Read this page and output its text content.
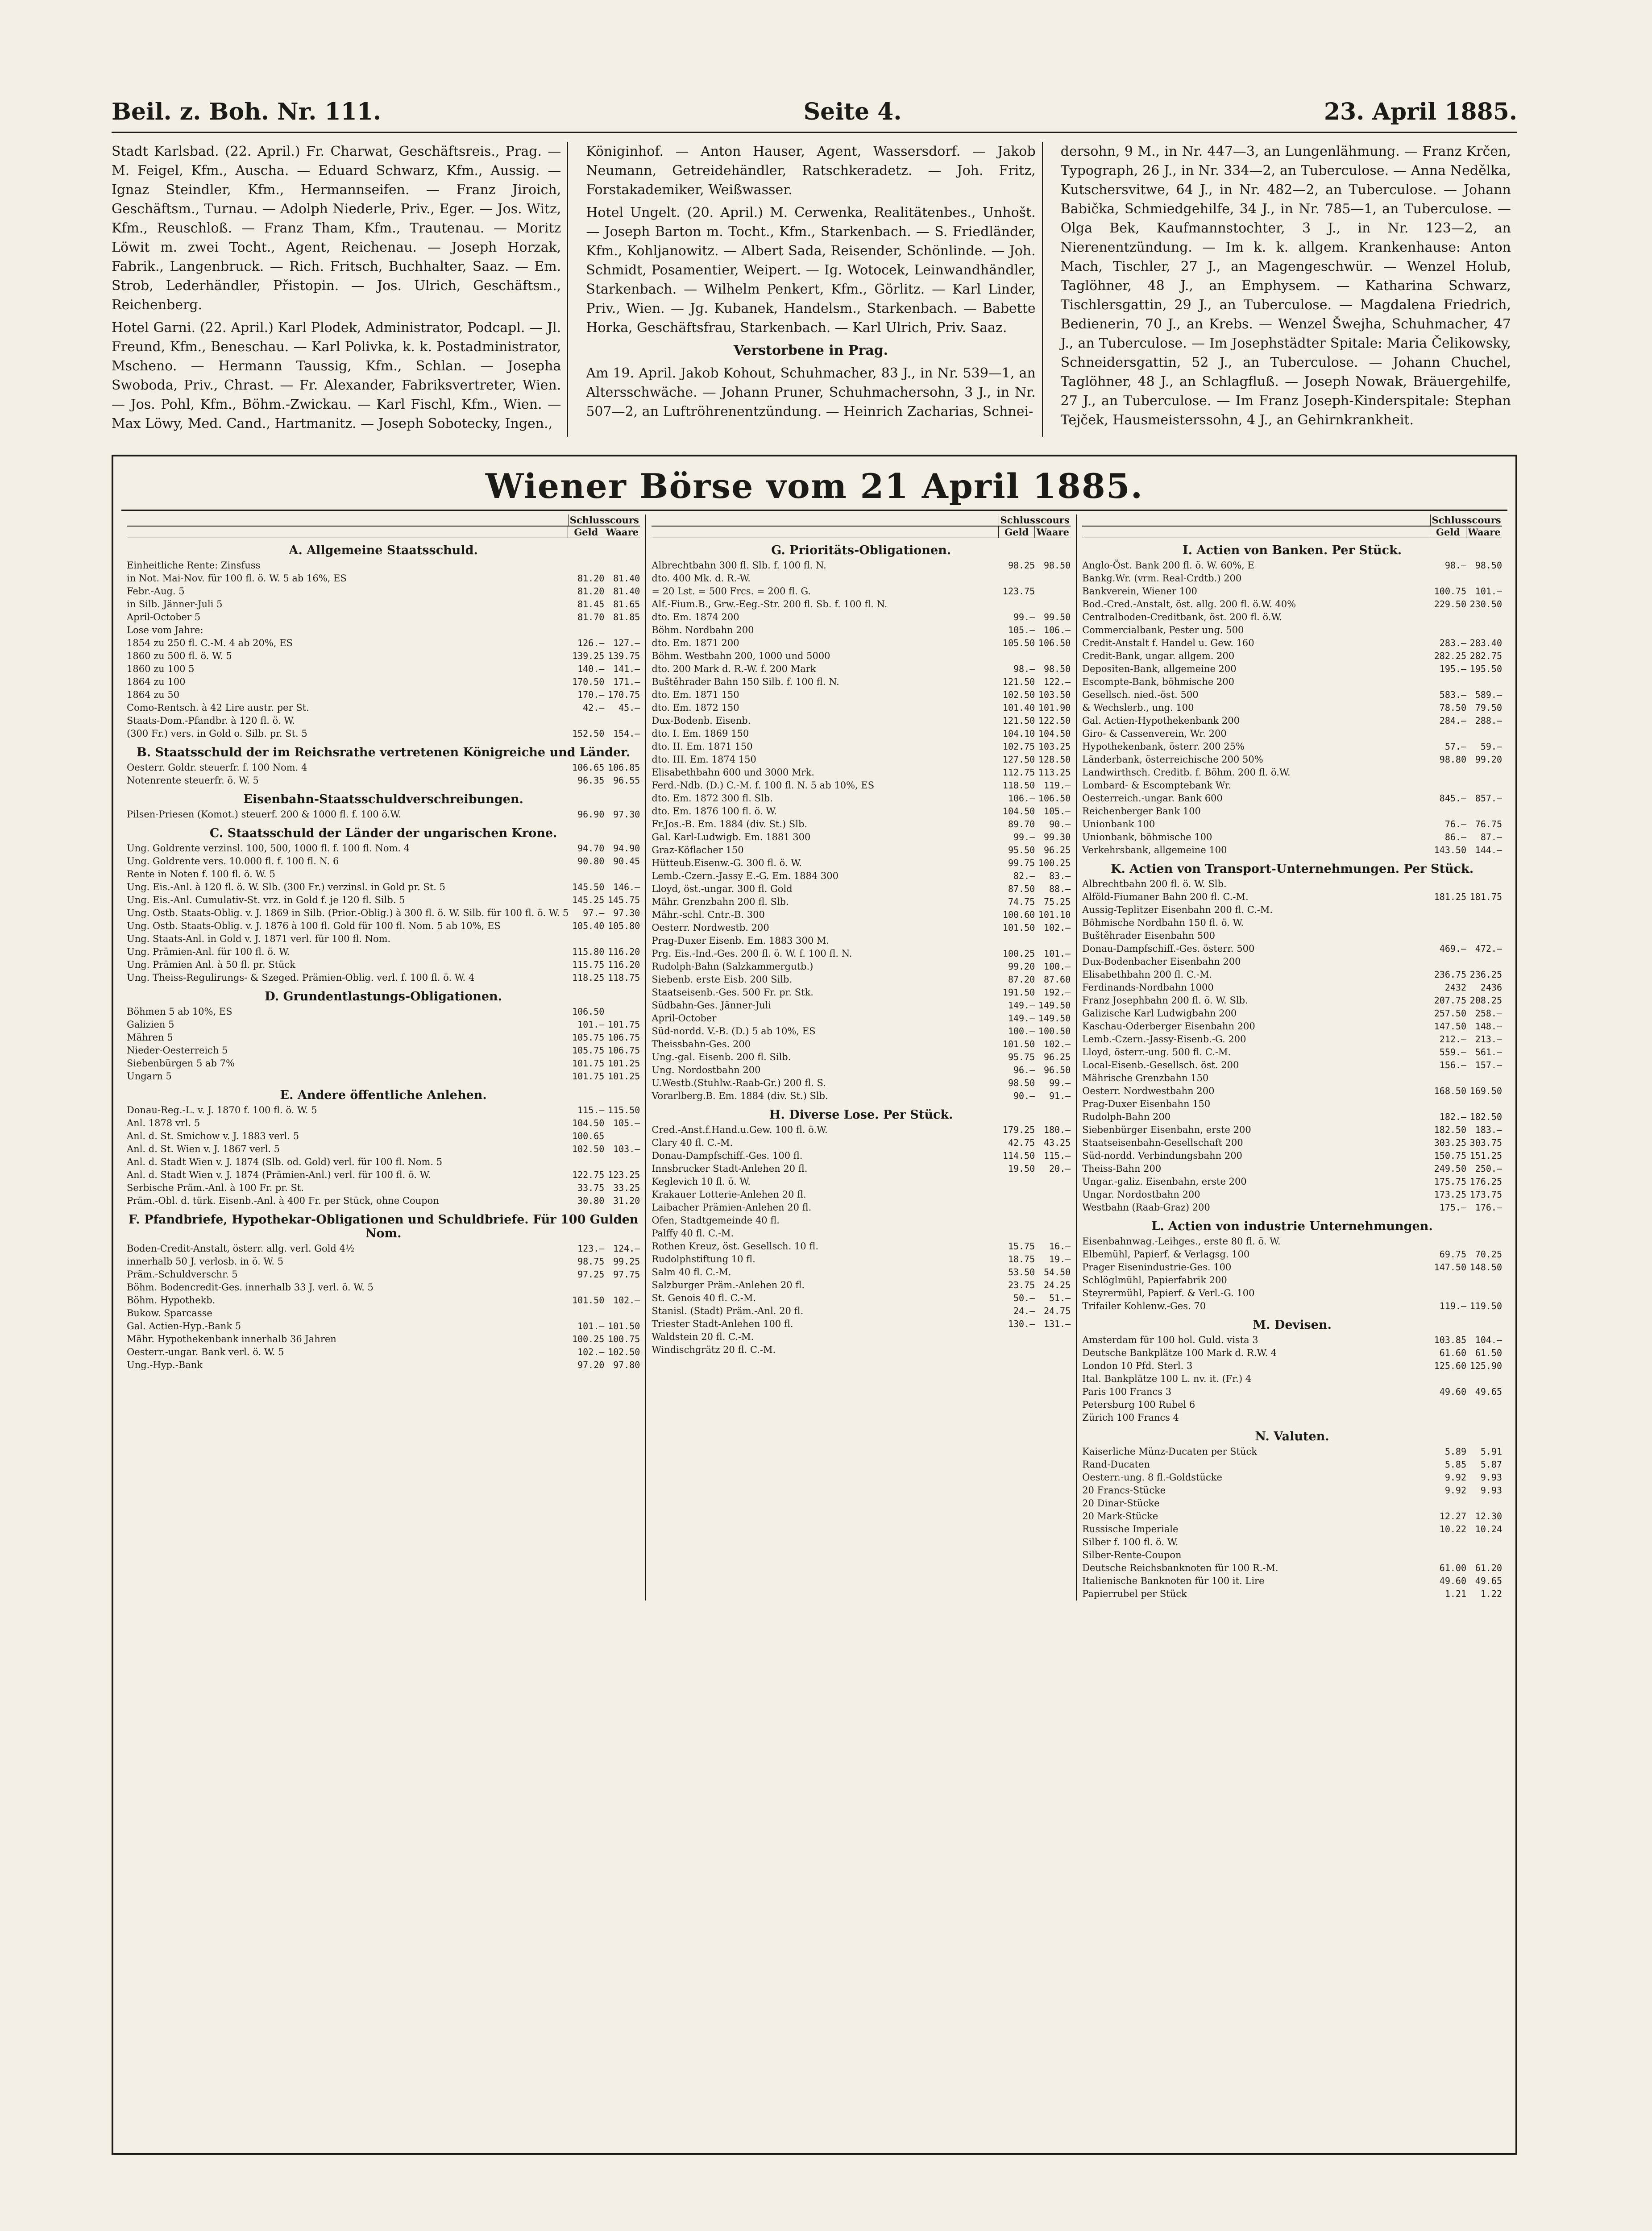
Beil. z. Boh. Nr. 111.	Seite 4.	23. April 1885.

Stadt Karlsbad. (22. April.) Fr. Charwat, Geschäftsreis., Prag. — M. Feigel, Kfm., Auscha. — Eduard Schwarz, Kfm., Aussig. — Ignaz Steindler, Kfm., Hermannseifen. — Franz Jiroich, Geschäftsm., Turnau. — Adolph Niederle, Priv., Eger. — Jos. Witz, Kfm., Reuschloß. — Franz Tham, Kfm., Trautenau. — Moritz Löwit m. zwei Tocht., Agent, Reichenau. — Joseph Horzak, Fabrik., Langenbruck. — Rich. Fritsch, Buchhalter, Saaz. — Em. Strob, Lederhändler, Přistopin. — Jos. Ulrich, Geschäftsm., Reichenberg.

Hotel Garni. (22. April.) Karl Plodek, Administrator, Podcapl. — Jl. Freund, Kfm., Beneschau. — Karl Polivka, k. k. Postadministrator, Mscheno. — Hermann Taussig, Kfm., Schlan. — Josepha Swoboda, Priv., Chrast. — Fr. Alexander, Fabriksvertreter, Wien. — Jos. Pohl, Kfm., Böhm.-Zwickau. — Karl Fischl, Kfm., Wien. — Max Löwy, Med. Cand., Hartmanitz. — Joseph Sobotecky, Ingen.,

Königinhof. — Anton Hauser, Agent, Wassersdorf. — Jakob Neumann, Getreidehändler, Ratschkeradetz. — Joh. Fritz, Forstakademiker, Weißwasser.

Hotel Ungelt. (20. April.) M. Cerwenka, Realitätenbes., Unhošt. — Joseph Barton m. Tocht., Kfm., Starkenbach. — S. Friedländer, Kfm., Kohljanowitz. — Albert Sada, Reisender, Schönlinde. — Joh. Schmidt, Posamentier, Weipert. — Ig. Wotocek, Leinwandhändler, Starkenbach. — Wilhelm Penkert, Kfm., Görlitz. — Karl Linder, Priv., Wien. — Jg. Kubanek, Handelsm., Starkenbach. — Babette Horka, Geschäftsfrau, Starkenbach. — Karl Ulrich, Priv. Saaz.

Verstorbene in Prag.

Am 19. April. Jakob Kohout, Schuhmacher, 83 J., in Nr. 539—1, an Altersschwäche. — Johann Pruner, Schuhmachersohn, 3 J., in Nr. 507—2, an Luftröhrenentzündung. — Heinrich Zacharias, Schnei-

dersohn, 9 M., in Nr. 447—3, an Lungenlähmung. — Franz Krčen, Typograph, 26 J., in Nr. 334—2, an Tuberculose. — Anna Nedělka, Kutschersvitwe, 64 J., in Nr. 482—2, an Tuberculose. — Johann Babička, Schmiedgehilfe, 34 J., in Nr. 785—1, an Tuberculose. — Olga Bek, Kaufmannstochter, 3 J., in Nr. 123—2, an Nierenentzündung. — Im k. k. allgem. Krankenhause: Anton Mach, Tischler, 27 J., an Magengeschwür. — Wenzel Holub, Taglöhner, 48 J., an Emphysem. — Katharina Schwarz, Tischlersgattin, 29 J., an Tuberculose. — Magdalena Friedrich, Bedienerin, 70 J., an Krebs. — Wenzel Šwejha, Schuhmacher, 47 J., an Tuberculose. — Im Josephstädter Spitale: Maria Čelikowsky, Schneidersgattin, 52 J., an Tuberculose. — Johann Chuchel, Taglöhner, 48 J., an Schlagfluß. — Joseph Nowak, Bräuergehilfe, 27 J., an Tuberculose. — Im Franz Joseph-Kinderspitale: Stephan Tejček, Hausmeisterssohn, 4 J., an Gehirnkrankheit.

Wiener Börse vom 21 April 1885.
Schlusscours
Geld Waare
A. Allgemeine Staatsschuld.
Einheitliche Rente: Zinsfuss
in Not. Mai-Nov. für 100 fl. ö. W. 5 ab 16%, ES	81.20 81.40
Febr.-Aug. 5	81.20 81.40
in Silb. Jänner-Juli 5	81.45 81.65
April-October 5	81.70 81.85
Lose vom Jahre:
1854 zu 250 fl. C.-M. 4 ab 20%, ES	126.— 127.—
1860 zu 500 fl. ö. W. 5	139.25 139.75
1860 zu 100 5	140.— 141.—
1864 zu 100	170.50 171.—
1864 zu 50	170.— 170.75
Como-Rentsch. à 42 Lire austr. per St.	42.—	45.—
Staats-Dom.-Pfandbr. à 120 fl. ö. W.
(300 Fr.) vers. in Gold o. Silb. pr. St. 5	152.50 154.—
B. Staatsschuld der im Reichsrathe vertretenen Königreiche und Länder.
Oesterr. Goldr. steuerfr. f. 100 Nom. 4	106.65 106.85
Notenrente steuerfr. ö. W. 5	96.35 96.55
Eisenbahn-Staatsschuldverschreibungen.
Pilsen-Priesen (Komot.) steuerf. 200 & 1000 fl. f. 100 ö.W.	96.90 97.30
C. Staatsschuld der Länder der ungarischen Krone.
Ung. Goldrente verzinsl. 100, 500, 1000 fl. f. 100 fl. Nom. 4	94.70 94.90
Ung. Goldrente vers. 10.000 fl. f. 100 fl. N. 6	90.80 90.45
Rente in Noten f. 100 fl. ö. W. 5
Ung. Eis.-Anl. à 120 fl. ö. W. Slb. (300 Fr.) verzinsl. in Gold pr. St. 5	145.50 146.—
Ung. Eis.-Anl. Cumulativ-St. vrz. in Gold f. je 120 fl. Silb. 5	145.25 145.75
Ung. Ostb. Staats-Oblig. v. J. 1869 in Silb. (Prior.-Oblig.) à 300 fl. ö. W. Silb. für 100 fl. ö. W. 5	97.— 97.30
Ung. Ostb. Staats-Oblig. v. J. 1876 à 100 fl. Gold für 100 fl. Nom. 5 ab 10%, ES	105.40 105.80
Ung. Staats-Anl. in Gold v. J. 1871 verl. für 100 fl. Nom.
Ung. Prämien-Anl. für 100 fl. ö. W.	115.80 116.20
Ung. Prämien Anl. à 50 fl. pr. Stück	115.75 116.20
Ung. Theiss-Regulirungs- & Szeged. Prämien-Oblig. verl. f. 100 fl. ö. W. 4	118.25 118.75
D. Grundentlastungs-Obligationen.
Böhmen 5 ab 10%, ES	106.50
Galizien 5	101.— 101.75
Mähren 5	105.75 106.75
Nieder-Oesterreich 5	105.75 106.75
Siebenbürgen 5 ab 7%	101.75 101.25
Ungarn 5	101.75 101.25
E. Andere öffentliche Anlehen.
Donau-Reg.-L. v. J. 1870 f. 100 fl. ö. W. 5	115.— 115.50
Anl. 1878 vrl. 5	104.50 105.—
Anl. d. St. Smichow v. J. 1883 verl. 5	100.65
Anl. d. St. Wien v. J. 1867 verl. 5	102.50 103.—
Anl. d. Stadt Wien v. J. 1874 (Slb. od. Gold) verl. für 100 fl. Nom. 5
Anl. d. Stadt Wien v. J. 1874 (Prämien-Anl.) verl. für 100 fl. ö. W.	122.75 123.25
Serbische Präm.-Anl. à 100 Fr. pr. St.	33.75 33.25
Präm.-Obl. d. türk. Eisenb.-Anl. à 400 Fr. per Stück, ohne Coupon	30.80 31.20
F. Pfandbriefe, Hypothekar-Obligationen und Schuldbriefe. Für 100 Gulden Nom.
Boden-Credit-Anstalt, österr. allg. verl. Gold 4½	123.— 124.—
innerhalb 50 J. verlosb. in ö. W. 5	98.75 99.25
Präm.-Schuldverschr. 5	97.25 97.75
Böhm. Bodencredit-Ges. innerhalb 33 J. verl. ö. W. 5
Böhm. Hypothekb.	101.50 102.—
Bukow. Sparcasse
Gal. Actien-Hyp.-Bank 5	101.— 101.50
Mähr. Hypothekenbank innerhalb 36 Jahren	100.25 100.75
Oesterr.-ungar. Bank verl. ö. W. 5	102.— 102.50
Ung.-Hyp.-Bank	97.20 97.80
Schlusscours
Geld Waare
G. Prioritäts-Obligationen.
Albrechtbahn 300 fl. Slb. f. 100 fl. N.	98.25 98.50
dto. 400 Mk. d. R.-W.
= 20 Lst. = 500 Frcs. = 200 fl. G.	123.75
Alf.-Fium.B., Grw.-Eeg.-Str. 200 fl. Sb. f. 100 fl. N.
dto. Em. 1874 200	99.— 99.50
Böhm. Nordbahn 200	105.— 106.—
dto. Em. 1871 200	105.50 106.50
Böhm. Westbahn 200, 1000 und 5000
dto. 200 Mark d. R.-W. f. 200 Mark	98.— 98.50
Buštěhrader Bahn 150 Silb. f. 100 fl. N.	121.50 122.—
dto. Em. 1871 150	102.50 103.50
dto. Em. 1872 150	101.40 101.90
Dux-Bodenb. Eisenb.	121.50 122.50
dto. I. Em. 1869 150	104.10 104.50
dto. II. Em. 1871 150	102.75 103.25
dto. III. Em. 1874 150	127.50 128.50
Elisabethbahn 600 und 3000 Mrk.	112.75 113.25
Ferd.-Ndb. (D.) C.-M. f. 100 fl. N. 5 ab 10%, ES	118.50 119.—
dto. Em. 1872 300 fl. Slb.	106.— 106.50
dto. Em. 1876 100 fl. ö. W.	104.50 105.—
Fr.Jos.-B. Em. 1884 (div. St.) Slb.	89.70	90.—
Gal. Karl-Ludwigb. Em. 1881 300	99.— 99.30
Graz-Köflacher 150	95.50 96.25
Hütteub.Eisenw.-G. 300 fl. ö. W.	99.75 100.25
Lemb.-Czern.-Jassy E.-G. Em. 1884 300	82.—	83.—
Lloyd, öst.-ungar. 300 fl. Gold	87.50	88.—
Mähr. Grenzbahn 200 fl. Slb.	74.75 75.25
Mähr.-schl. Cntr.-B. 300	100.60 101.10
Oesterr. Nordwestb. 200	101.50 102.—
Prag-Duxer Eisenb. Em. 1883 300 M.
Prg. Eis.-Ind.-Ges. 200 fl. ö. W. f. 100 fl. N.	100.25 101.—
Rudolph-Bahn (Salzkammergutb.)	99.20 100.—
Siebenb. erste Eisb. 200 Silb.	87.20 87.60
Staatseisenb.-Ges. 500 Fr. pr. Stk.	191.50 192.—
Südbahn-Ges. Jänner-Juli	149.— 149.50
April-October	149.— 149.50
Süd-nordd. V.-B. (D.) 5 ab 10%, ES	100.— 100.50
Theissbahn-Ges. 200	101.50 102.—
Ung.-gal. Eisenb. 200 fl. Silb.	95.75 96.25
Ung. Nordostbahn 200	96.— 96.50
U.Westb.(Stuhlw.-Raab-Gr.) 200 fl. S.	98.50	99.—
Vorarlberg.B. Em. 1884 (div. St.) Slb.	90.—	91.—
H. Diverse Lose. Per Stück.
Cred.-Anst.f.Hand.u.Gew. 100 fl. ö.W.	179.25 180.—
Clary 40 fl. C.-M.	42.75 43.25
Donau-Dampfschiff.-Ges. 100 fl.	114.50 115.—
Innsbrucker Stadt-Anlehen 20 fl.	19.50	20.—
Keglevich 10 fl. ö. W.
Krakauer Lotterie-Anlehen 20 fl.
Laibacher Prämien-Anlehen 20 fl.
Ofen, Stadtgemeinde 40 fl.
Palffy 40 fl. C.-M.
Rothen Kreuz, öst. Gesellsch. 10 fl.	15.75	16.—
Rudolphstiftung 10 fl.	18.75	19.—
Salm 40 fl. C.-M.	53.50 54.50
Salzburger Präm.-Anlehen 20 fl.	23.75 24.25
St. Genois 40 fl. C.-M.	50.—	51.—
Stanisl. (Stadt) Präm.-Anl. 20 fl.	24.— 24.75
Triester Stadt-Anlehen 100 fl.	130.— 131.—
Waldstein 20 fl. C.-M.
Windischgrätz 20 fl. C.-M.
Schlusscours
Geld Waare
I. Actien von Banken. Per Stück.
Anglo-Öst. Bank 200 fl. ö. W. 60%, E	98.— 98.50
Bankg.Wr. (vrm. Real-Crdtb.) 200
Bankverein, Wiener 100	100.75 101.—
Bod.-Cred.-Anstalt, öst. allg. 200 fl. ö.W. 40%	229.50 230.50
Centralboden-Creditbank, öst. 200 fl. ö.W.
Commercialbank, Pester ung. 500
Credit-Anstalt f. Handel u. Gew. 160	283.— 283.40
Credit-Bank, ungar. allgem. 200	282.25 282.75
Depositen-Bank, allgemeine 200	195.— 195.50
Escompte-Bank, böhmische 200
Gesellsch. nied.-öst. 500	583.— 589.—
& Wechslerb., ung. 100	78.50 79.50
Gal. Actien-Hypothekenbank 200	284.— 288.—
Giro- & Cassenverein, Wr. 200
Hypothekenbank, österr. 200 25%	57.—	59.—
Länderbank, österreichische 200 50%	98.80 99.20
Landwirthsch. Creditb. f. Böhm. 200 fl. ö.W.
Lombard- & Escomptebank Wr.
Oesterreich.-ungar. Bank 600	845.— 857.—
Reichenberger Bank 100
Unionbank 100	76.— 76.75
Unionbank, böhmische 100	86.—	87.—
Verkehrsbank, allgemeine 100	143.50 144.—
K. Actien von Transport-Unternehmungen. Per Stück.
Albrechtbahn 200 fl. ö. W. Slb.
Alföld-Fiumaner Bahn 200 fl. C.-M.	181.25 181.75
Aussig-Teplitzer Eisenbahn 200 fl. C.-M.
Böhmische Nordbahn 150 fl. ö. W.
Buštěhrader Eisenbahn 500
Donau-Dampfschiff.-Ges. österr. 500	469.— 472.—
Dux-Bodenbacher Eisenbahn 200
Elisabethbahn 200 fl. C.-M.	236.75 236.25
Ferdinands-Nordbahn 1000	2432	2436
Franz Josephbahn 200 fl. ö. W. Slb.	207.75 208.25
Galizische Karl Ludwigbahn 200	257.50 258.—
Kaschau-Oderberger Eisenbahn 200	147.50 148.—
Lemb.-Czern.-Jassy-Eisenb.-G. 200	212.— 213.—
Lloyd, österr.-ung. 500 fl. C.-M.	559.— 561.—
Local-Eisenb.-Gesellsch. öst. 200	156.— 157.—
Mährische Grenzbahn 150
Oesterr. Nordwestbahn 200	168.50 169.50
Prag-Duxer Eisenbahn 150
Rudolph-Bahn 200	182.— 182.50
Siebenbürger Eisenbahn, erste 200	182.50 183.—
Staatseisenbahn-Gesellschaft 200	303.25 303.75
Süd-nordd. Verbindungsbahn 200	150.75 151.25
Theiss-Bahn 200	249.50 250.—
Ungar.-galiz. Eisenbahn, erste 200	175.75 176.25
Ungar. Nordostbahn 200	173.25 173.75
Westbahn (Raab-Graz) 200	175.— 176.—
L. Actien von industrie Unternehmungen.
Eisenbahnwag.-Leihges., erste 80 fl. ö. W.
Elbemühl, Papierf. & Verlagsg. 100	69.75 70.25
Prager Eisenindustrie-Ges. 100	147.50 148.50
Schlöglmühl, Papierfabrik 200
Steyrermühl, Papierf. & Verl.-G. 100
Trifailer Kohlenw.-Ges. 70	119.— 119.50
M. Devisen.
Amsterdam für 100 hol. Guld. vista 3	103.85 104.—
Deutsche Bankplätze 100 Mark d. R.W. 4	61.60 61.50
London 10 Pfd. Sterl. 3	125.60 125.90
Ital. Bankplätze 100 L. nv. it. (Fr.) 4
Paris 100 Francs 3	49.60 49.65
Petersburg 100 Rubel 6
Zürich 100 Francs 4
N. Valuten.
Kaiserliche Münz-Ducaten per Stück	5.89	5.91
Rand-Ducaten	5.85	5.87
Oesterr.-ung. 8 fl.-Goldstücke	9.92	9.93
20 Francs-Stücke	9.92	9.93
20 Dinar-Stücke
20 Mark-Stücke	12.27 12.30
Russische Imperiale	10.22 10.24
Silber f. 100 fl. ö. W.
Silber-Rente-Coupon
Deutsche Reichsbanknoten für 100 R.-M.	61.00 61.20
Italienische Banknoten für 100 it. Lire	49.60 49.65
Papierrubel per Stück	1.21	1.22
